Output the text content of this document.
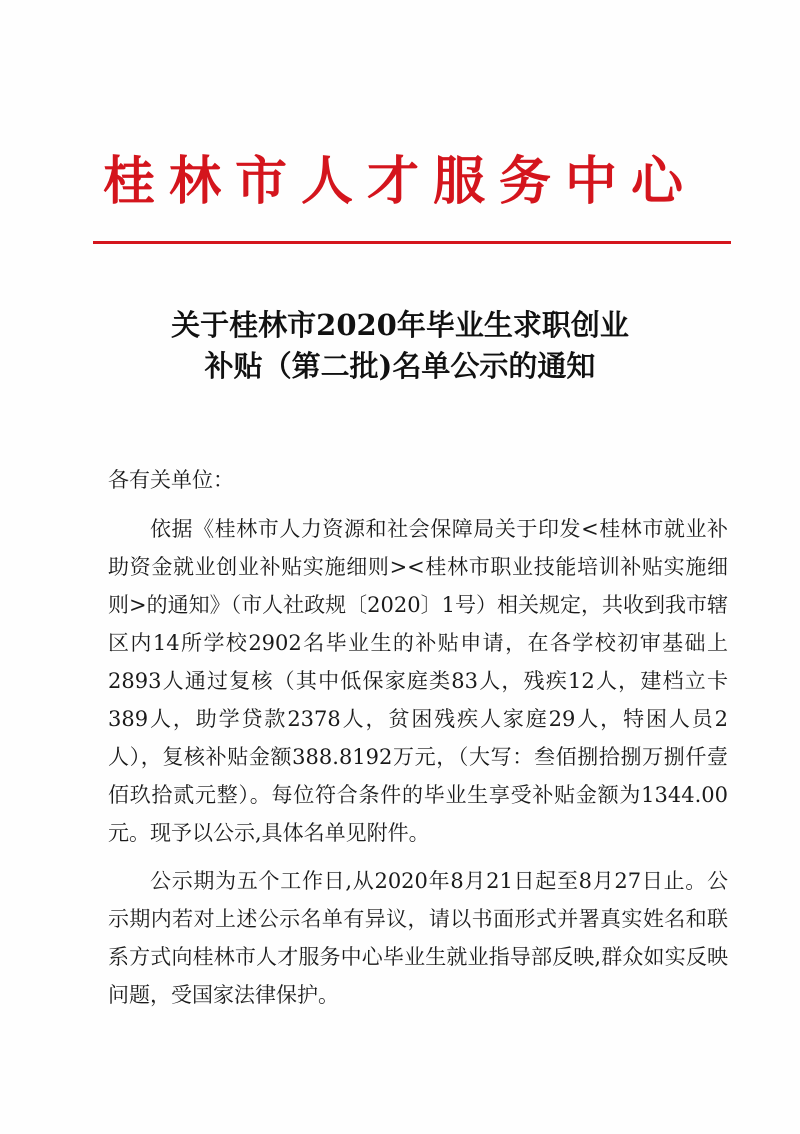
桂林市人才服务中心
关于桂林市2020年毕业生求职创业
补贴（第二批)名单公示的通知
各有关单位：
依据《桂林市人力资源和社会保障局关于印发<桂林市就业补助资金就业创业补贴实施细则><桂林市职业技能培训补贴实施细则>的通知》（市人社政规〔2020〕1号）相关规定，共收到我市辖区内14所学校2902名毕业生的补贴申请，在各学校初审基础上2893人通过复核（其中低保家庭类83人，残疾12人，建档立卡389人，助学贷款2378人，贫困残疾人家庭29人，特困人员2人），复核补贴金额388.8192万元，（大写：叁佰捌拾捌万捌仟壹佰玖拾贰元整）。每位符合条件的毕业生享受补贴金额为1344.00元。现予以公示,具体名单见附件。
公示期为五个工作日,从2020年8月21日起至8月27日止。公示期内若对上述公示名单有异议，请以书面形式并署真实姓名和联系方式向桂林市人才服务中心毕业生就业指导部反映,群众如实反映问题，受国家法律保护。
